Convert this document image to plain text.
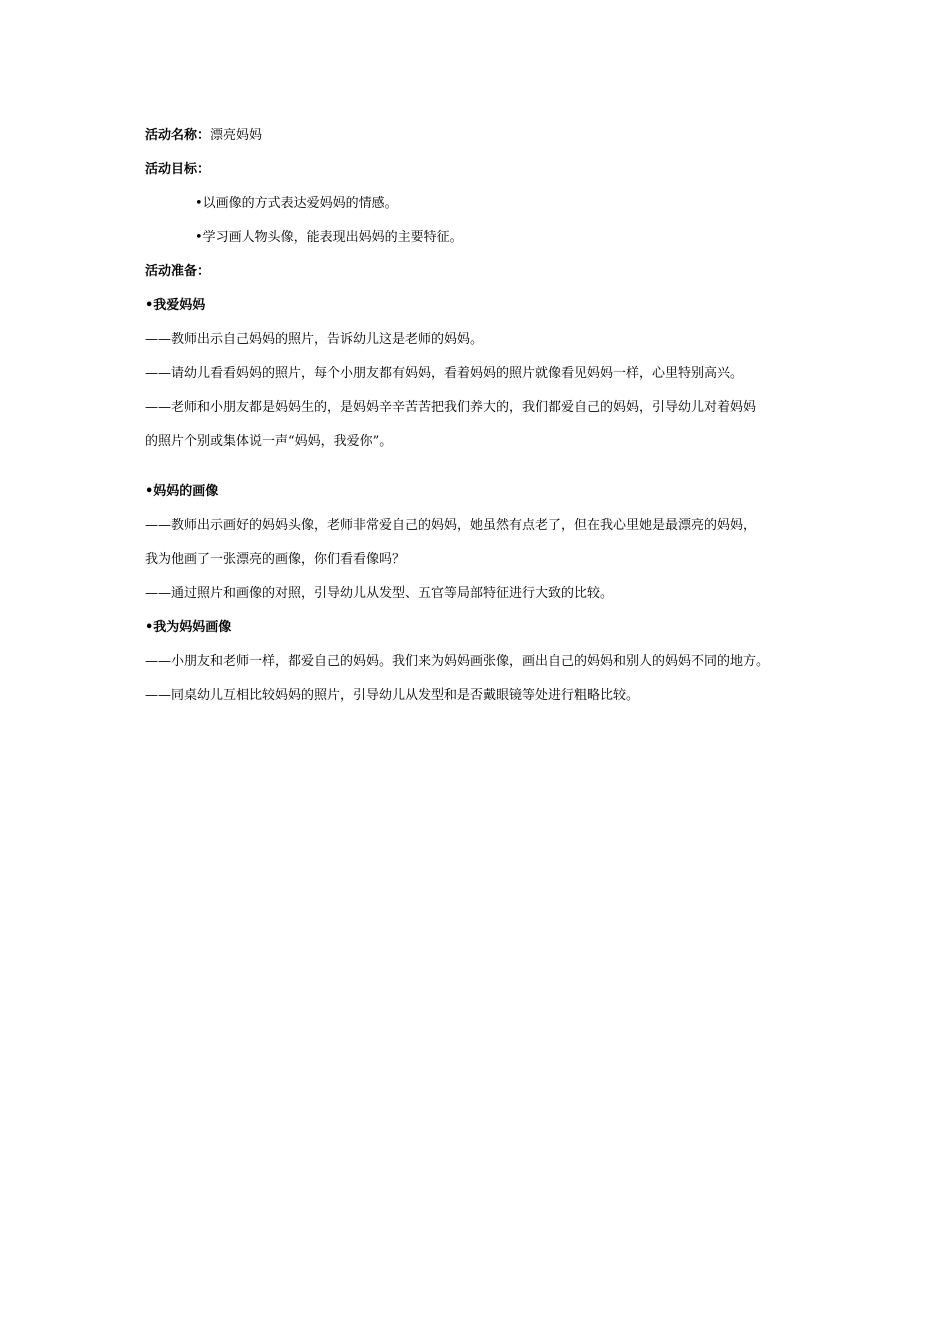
活动名称：漂亮妈妈
活动目标：
•以画像的方式表达爱妈妈的情感。
•学习画人物头像，能表现出妈妈的主要特征。
活动准备：
•我爱妈妈
——教师出示自己妈妈的照片，告诉幼儿这是老师的妈妈。
——请幼儿看看妈妈的照片，每个小朋友都有妈妈，看着妈妈的照片就像看见妈妈一样，心里特别高兴。
——老师和小朋友都是妈妈生的，是妈妈辛辛苦苦把我们养大的，我们都爱自己的妈妈，引导幼儿对着妈妈
的照片个别或集体说一声“妈妈，我爱你”。
•妈妈的画像
——教师出示画好的妈妈头像，老师非常爱自己的妈妈，她虽然有点老了，但在我心里她是最漂亮的妈妈，
我为他画了一张漂亮的画像，你们看看像吗？
——通过照片和画像的对照，引导幼儿从发型、五官等局部特征进行大致的比较。
•我为妈妈画像
——小朋友和老师一样，都爱自己的妈妈。我们来为妈妈画张像，画出自己的妈妈和别人的妈妈不同的地方。
——同桌幼儿互相比较妈妈的照片，引导幼儿从发型和是否戴眼镜等处进行粗略比较。
